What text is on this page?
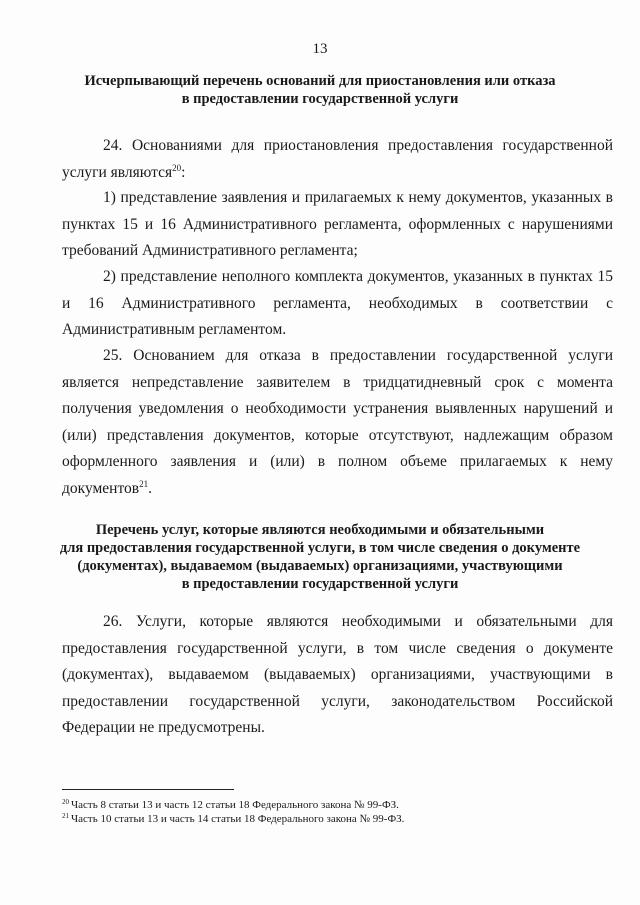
13
Исчерпывающий перечень оснований для приостановления или отказа
в предоставлении государственной услуги
24. Основаниями для приостановления предоставления государственной услуги являются$^{20}$:
1) представление заявления и прилагаемых к нему документов, указанных в пунктах 15 и 16 Административного регламента, оформленных с нарушениями требований Административного регламента;
2) представление неполного комплекта документов, указанных в пунктах 15 и 16 Административного регламента, необходимых в соответствии с Административным регламентом.
25. Основанием для отказа в предоставлении государственной услуги является непредставление заявителем в тридцатидневный срок с момента получения уведомления о необходимости устранения выявленных нарушений и (или) представления документов, которые отсутствуют, надлежащим образом оформленного заявления и (или) в полном объеме прилагаемых к нему документов$^{21}$.
Перечень услуг, которые являются необходимыми и обязательными
для предоставления государственной услуги, в том числе сведения о документе
(документах), выдаваемом (выдаваемых) организациями, участвующими
в предоставлении государственной услуги
26. Услуги, которые являются необходимыми и обязательными для предоставления государственной услуги, в том числе сведения о документе (документах), выдаваемом (выдаваемых) организациями, участвующими в предоставлении государственной услуги, законодательством Российской Федерации не предусмотрены.
$^{20}$ Часть 8 статьи 13 и часть 12 статьи 18 Федерального закона № 99-ФЗ.
$^{21}$ Часть 10 статьи 13 и часть 14 статьи 18 Федерального закона № 99-ФЗ.
